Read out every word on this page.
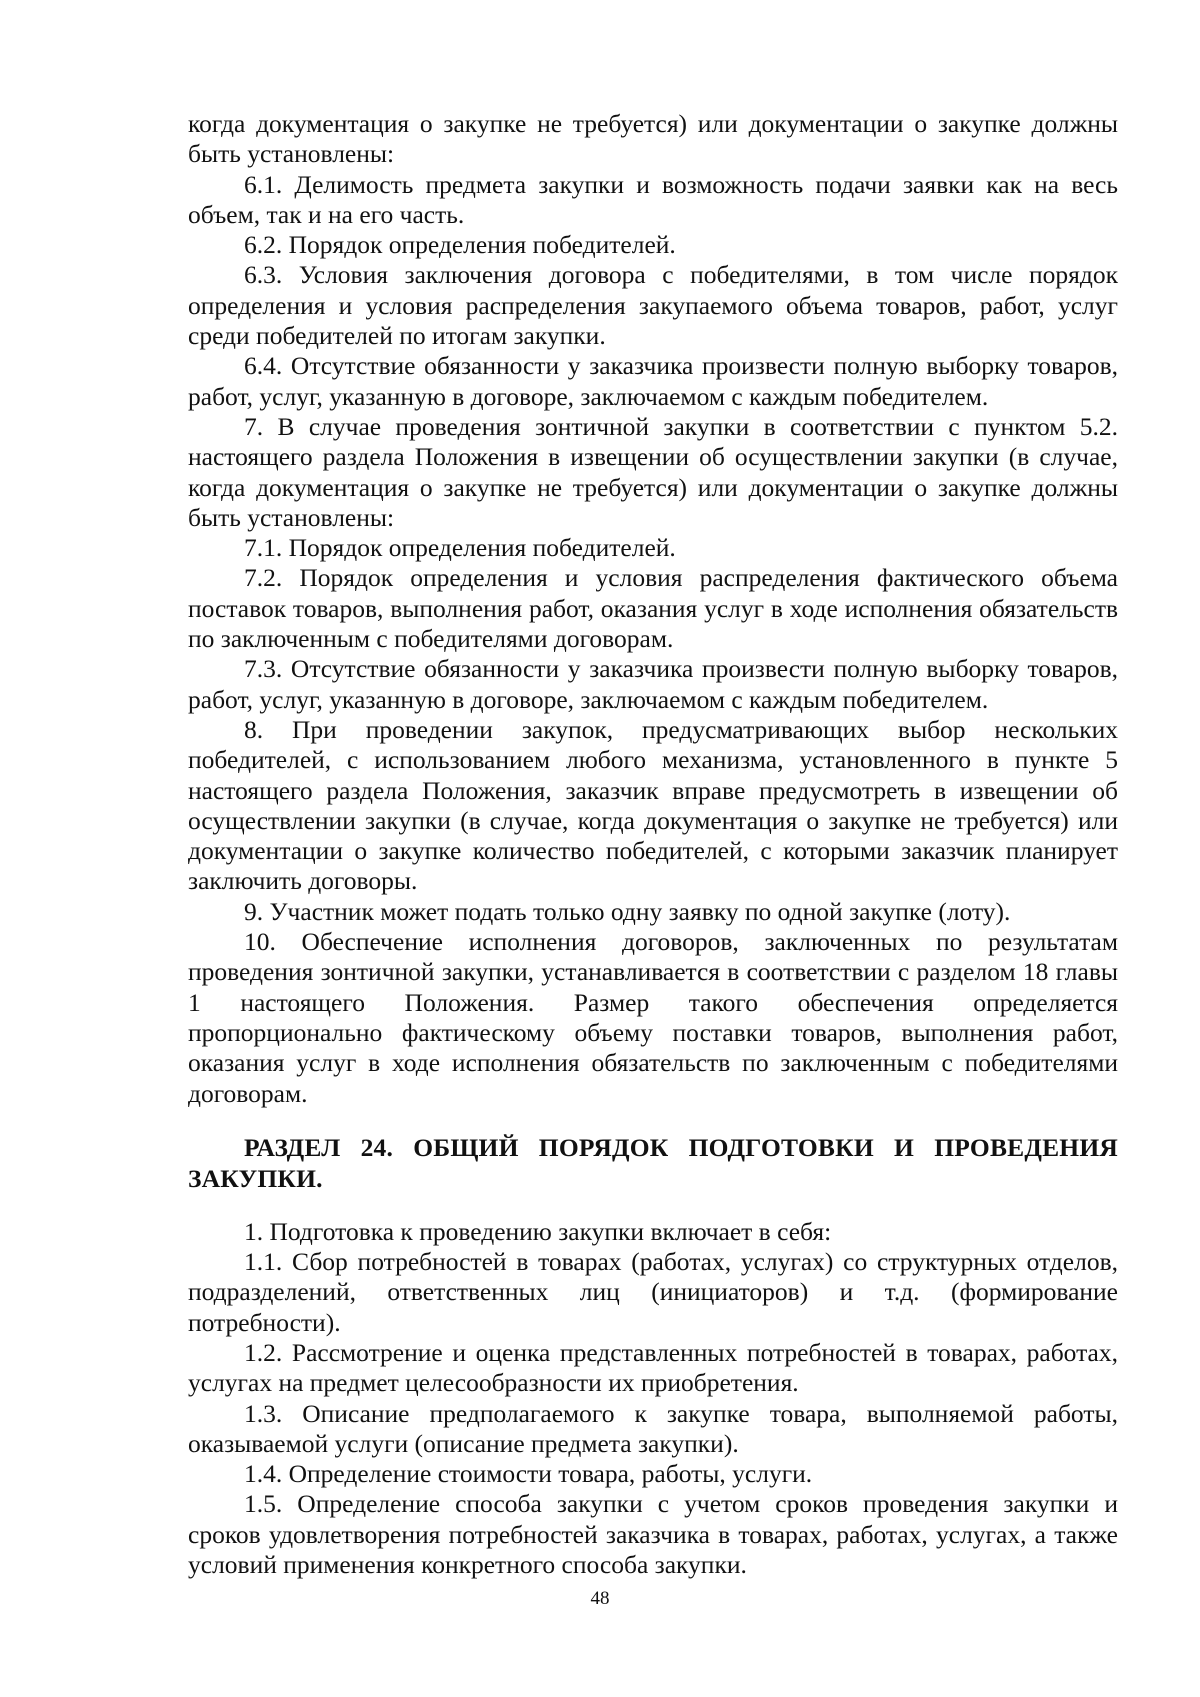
когда документация о закупке не требуется) или документации о закупке должны быть установлены:

6.1. Делимость предмета закупки и возможность подачи заявки как на весь объем, так и на его часть.

6.2. Порядок определения победителей.

6.3. Условия заключения договора с победителями, в том числе порядок определения и условия распределения закупаемого объема товаров, работ, услуг среди победителей по итогам закупки.

6.4. Отсутствие обязанности у заказчика произвести полную выборку товаров, работ, услуг, указанную в договоре, заключаемом с каждым победителем.

7. В случае проведения зонтичной закупки в соответствии с пунктом 5.2. настоящего раздела Положения в извещении об осуществлении закупки (в случае, когда документация о закупке не требуется) или документации о закупке должны быть установлены:

7.1. Порядок определения победителей.

7.2. Порядок определения и условия распределения фактического объема поставок товаров, выполнения работ, оказания услуг в ходе исполнения обязательств по заключенным с победителями договорам.

7.3. Отсутствие обязанности у заказчика произвести полную выборку товаров, работ, услуг, указанную в договоре, заключаемом с каждым победителем.

8. При проведении закупок, предусматривающих выбор нескольких победителей, с использованием любого механизма, установленного в пункте 5 настоящего раздела Положения, заказчик вправе предусмотреть в извещении об осуществлении закупки (в случае, когда документация о закупке не требуется) или документации о закупке количество победителей, с которыми заказчик планирует заключить договоры.

9. Участник может подать только одну заявку по одной закупке (лоту).

10. Обеспечение исполнения договоров, заключенных по результатам проведения зонтичной закупки, устанавливается в соответствии с разделом 18 главы 1 настоящего Положения. Размер такого обеспечения определяется пропорционально фактическому объему поставки товаров, выполнения работ, оказания услуг в ходе исполнения обязательств по заключенным с победителями договорам.

РАЗДЕЛ 24. ОБЩИЙ ПОРЯДОК ПОДГОТОВКИ И ПРОВЕДЕНИЯ ЗАКУПКИ.

1. Подготовка к проведению закупки включает в себя:

1.1. Сбор потребностей в товарах (работах, услугах) со структурных отделов, подразделений, ответственных лиц (инициаторов) и т.д. (формирование потребности).

1.2. Рассмотрение и оценка представленных потребностей в товарах, работах, услугах на предмет целесообразности их приобретения.

1.3. Описание предполагаемого к закупке товара, выполняемой работы, оказываемой услуги (описание предмета закупки).

1.4. Определение стоимости товара, работы, услуги.

1.5. Определение способа закупки с учетом сроков проведения закупки и сроков удовлетворения потребностей заказчика в товарах, работах, услугах, а также условий применения конкретного способа закупки.

48
